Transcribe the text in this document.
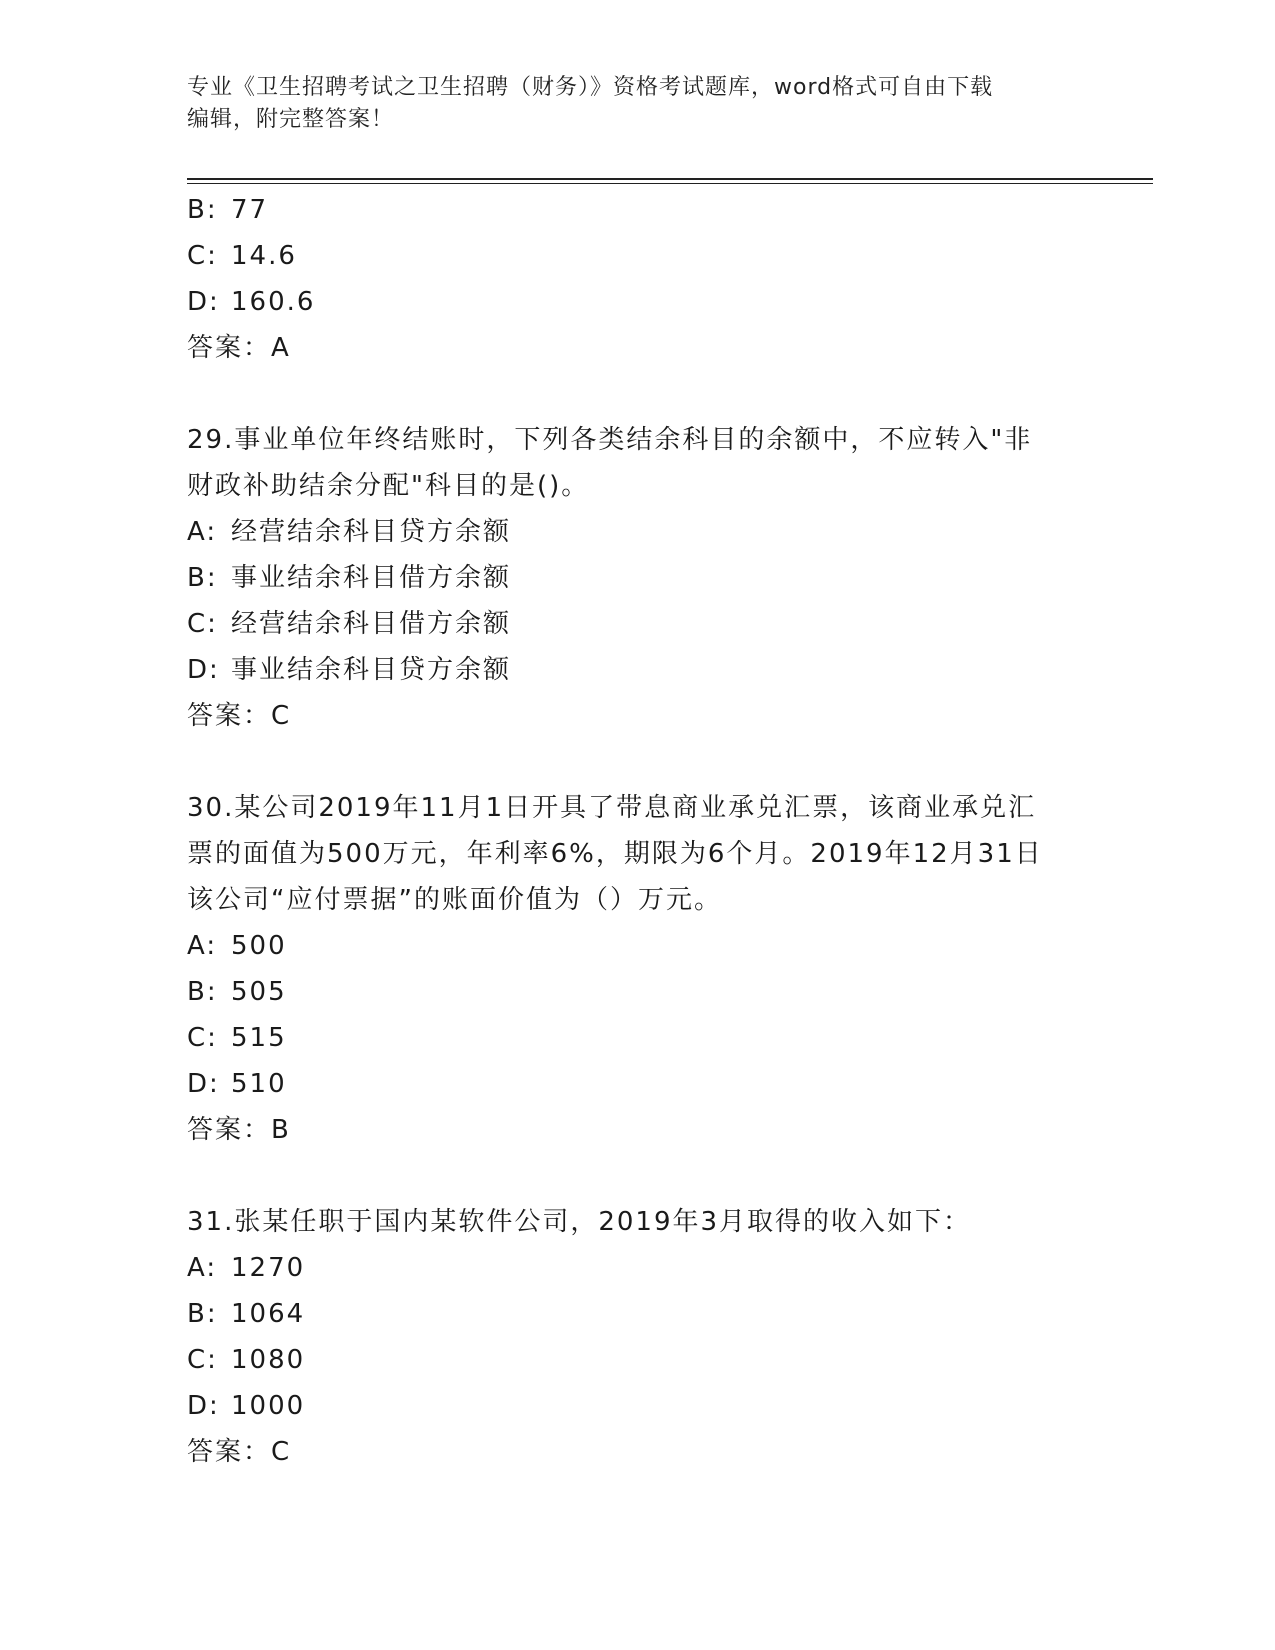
专业《卫生招聘考试之卫生招聘（财务）》资格考试题库，word格式可自由下载
编辑，附完整答案！
B: 77
C: 14.6
D: 160.6
答案：A
29.事业单位年终结账时，下列各类结余科目的余额中，不应转入"非
财政补助结余分配"科目的是()。
A: 经营结余科目贷方余额
B: 事业结余科目借方余额
C: 经营结余科目借方余额
D: 事业结余科目贷方余额
答案：C
30.某公司2019年11月1日开具了带息商业承兑汇票，该商业承兑汇
票的面值为500万元，年利率6%，期限为6个月。2019年12月31日
该公司“应付票据”的账面价值为（）万元。
A: 500
B: 505
C: 515
D: 510
答案：B
31.张某任职于国内某软件公司，2019年3月取得的收入如下：
A: 1270
B: 1064
C: 1080
D: 1000
答案：C
